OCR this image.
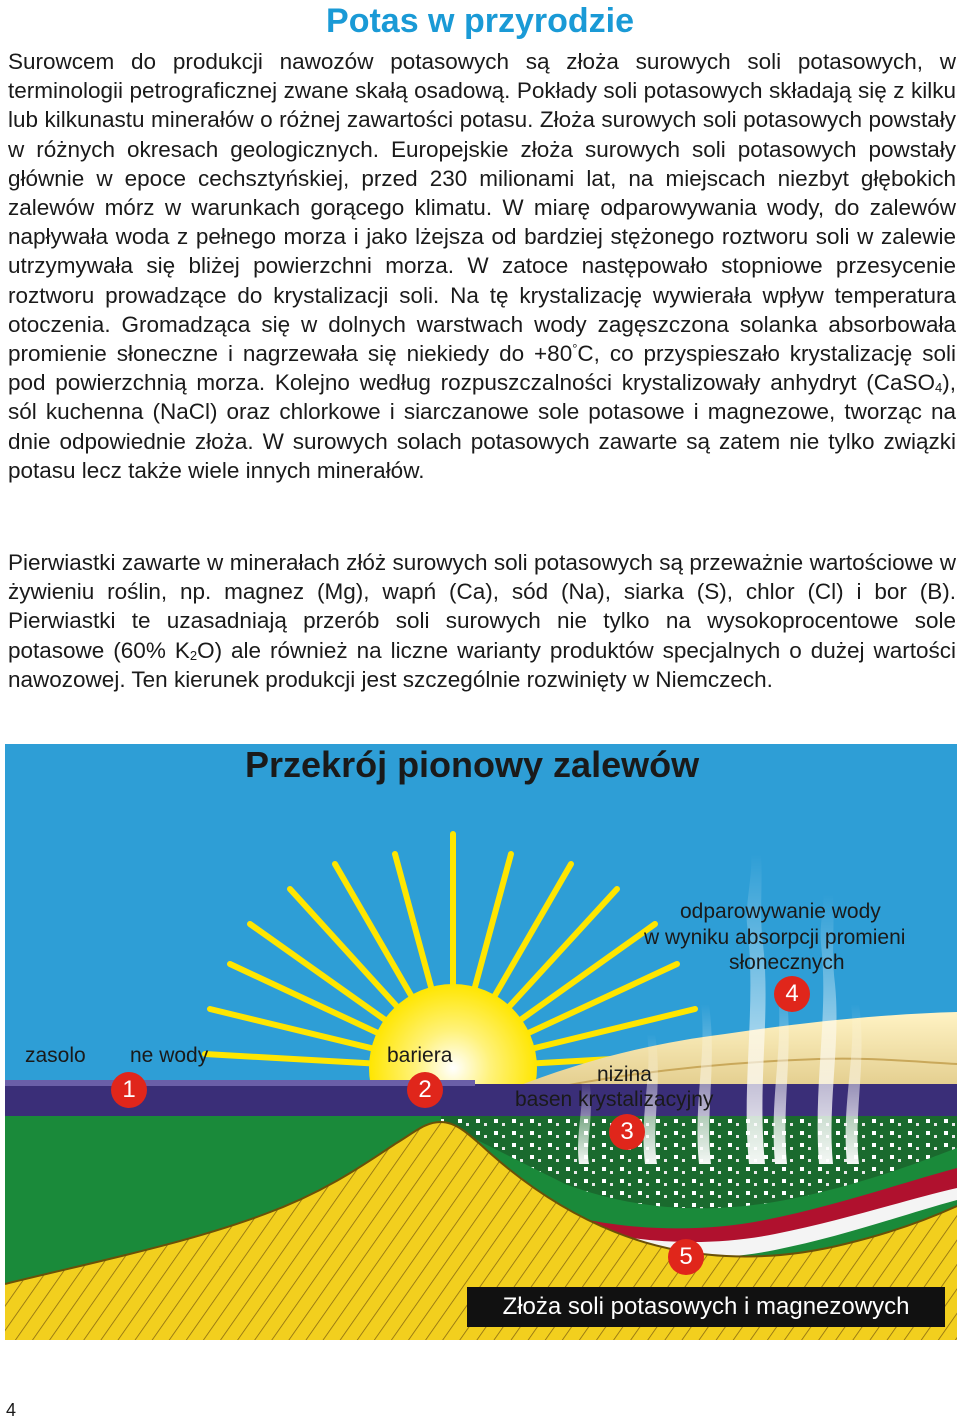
Potas w przyrodzie

Surowcem do produkcji nawozów potasowych są złoża surowych soli potasowych, w terminologii petrograficznej zwane skałą osadową. Pokłady soli potasowych składają się z kilku lub kilkunastu minerałów o różnej zawartości potasu. Złoża surowych soli potasowych powstały w różnych okresach geologicznych. Europejskie złoża surowych soli potasowych powstały głównie w epoce cechsztyńskiej, przed 230 milionami lat, na miejscach niezbyt głębokich zalewów mórz w warunkach gorącego klimatu. W miarę odparowywania wody, do zalewów napływała woda z pełnego morza i jako lżejsza od bardziej stężonego roztworu soli w zalewie utrzymywała się bliżej powierzchni morza. W zatoce następowało stopniowe przesycenie roztworu prowadzące do krystalizacji soli. Na tę krystalizację wywierała wpływ temperatura otoczenia. Gromadząca się w dolnych warstwach wody zagęszczona solanka absorbowała promienie słoneczne i nagrzewała się niekiedy do +80°C, co przyspieszało krystalizację soli pod powierzchnią morza. Kolejno według rozpuszczalności krystalizowały anhydryt (CaSO$_4$), sól kuchenna (NaCl) oraz chlorkowe i siarczanowe sole potasowe i magnezowe, tworząc na dnie odpowiednie złoża. W surowych solach potasowych zawarte są zatem nie tylko związki potasu lecz także wiele innych minerałów.

Pierwiastki zawarte w minerałach złóż surowych soli potasowych są przeważnie wartościowe w żywieniu roślin, np. magnez (Mg), wapń (Ca), sód (Na), siarka (S), chlor (Cl) i bor (B). Pierwiastki te uzasadniają przerób soli surowych nie tylko na wysokoprocentowe sole potasowe (60% $K_2O$) ale również na liczne warianty produktów specjalnych o dużej wartości nawozowej. Ten kierunek produkcji jest szczególnie rozwinięty w Niemczech.

Przekrój pionowy zalewów
odparowywanie wody
w wyniku absorpcji promieni
słonecznych
4
zasolo ne wody
1
bariera
2
nizina
basen krystalizacyjny
3
5
Złoża soli potasowych i magnezowych
4
